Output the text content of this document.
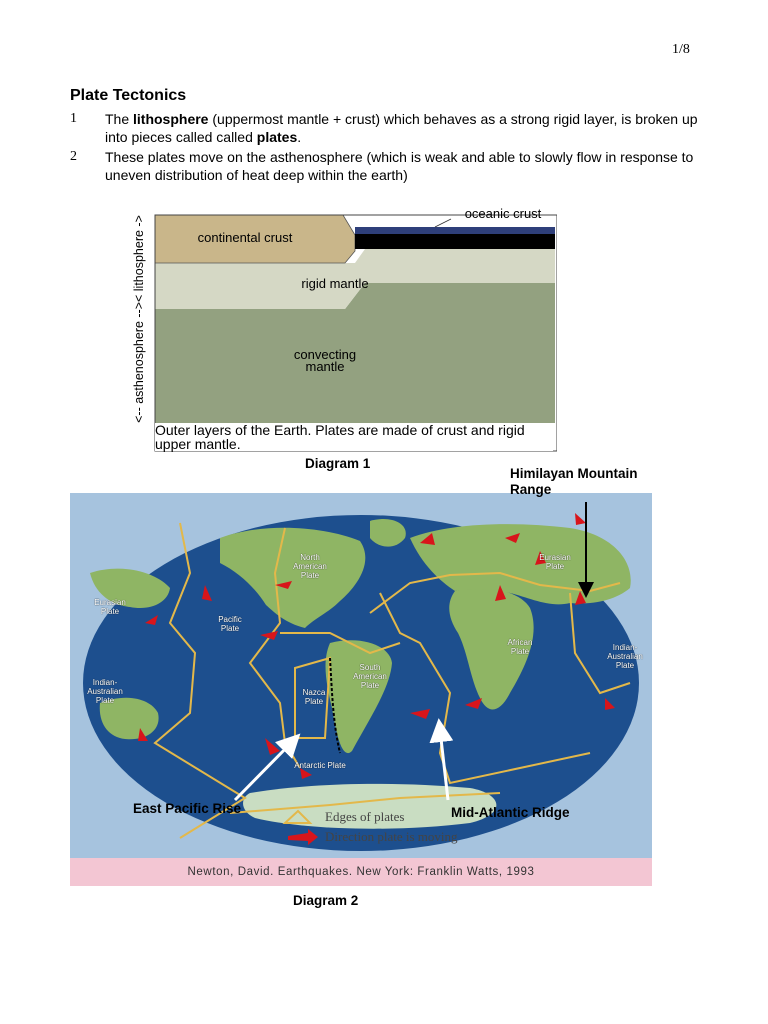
1/8
Plate Tectonics
1 The lithosphere (uppermost mantle + crust) which behaves as a strong rigid layer, is broken up into pieces called called plates.
2 These plates move on the asthenosphere (which is weak and able to slowly flow in response to uneven distribution of heat deep within the earth)
<-- asthenosphere -->< lithosphere ->	continental crust
oceanic crust
rigid mantle
convecting mantle
Outer layers of the Earth. Plates are made of crust and rigid upper mantle.
Diagram 1
North American Plate
Eurasian Plate
Eurasian Plate
Pacific Plate
African Plate
South American Plate
Nazca Plate
Indian-Australian Plate
Indian-Australian Plate
Antarctic Plate
Edges of plates
Direction plate is moving
Newton, David. Earthquakes. New York: Franklin Watts, 1993
Himilayan Mountain Range
East Pacific Rise	Mid-Atlantic Ridge
Diagram 2
